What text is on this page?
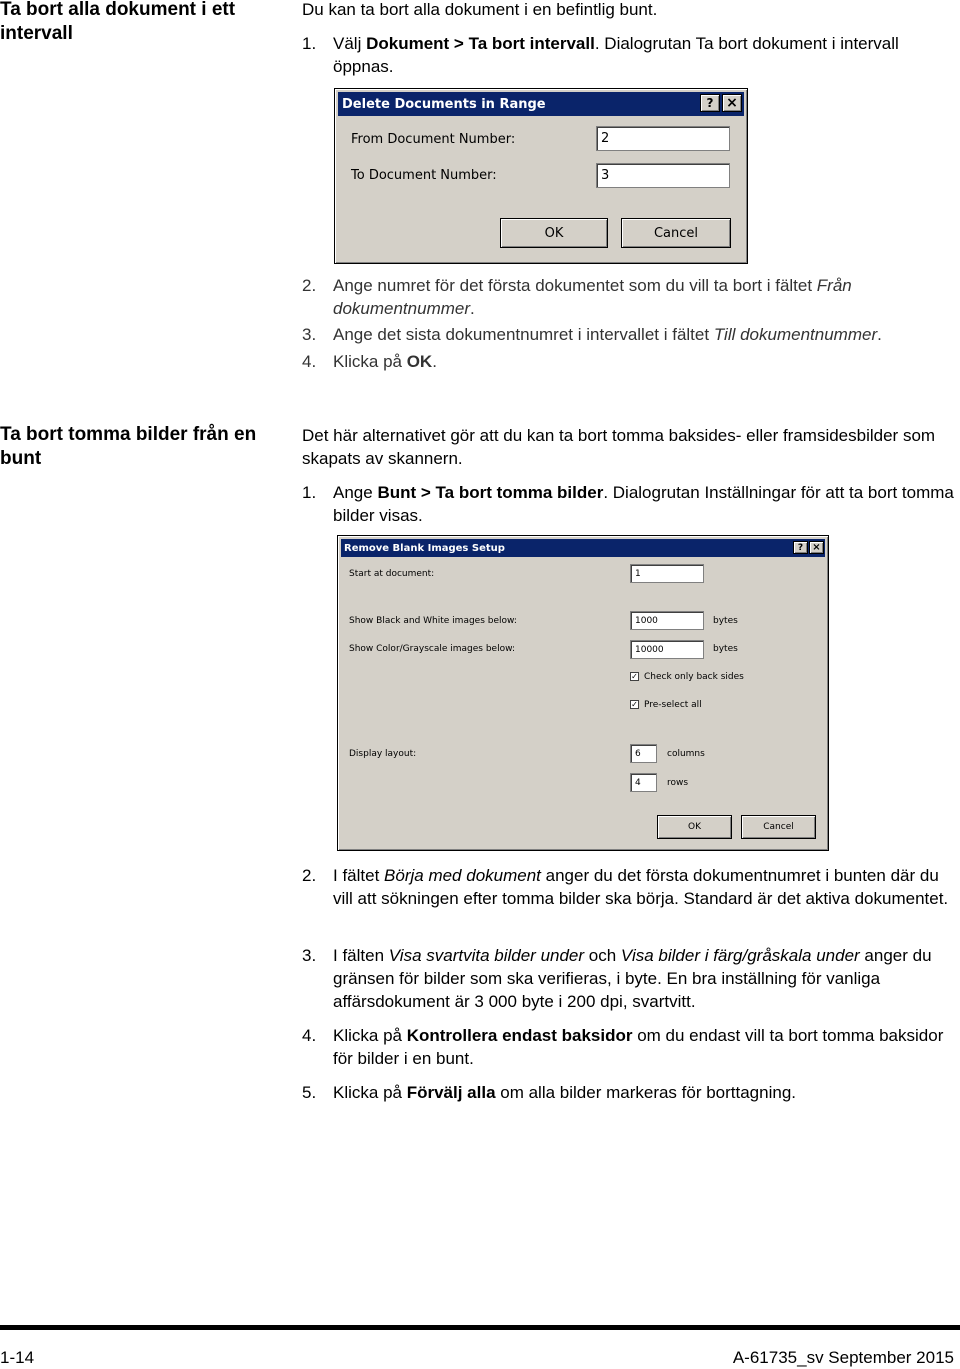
Ta bort alla dokument i ett intervall
Du kan ta bort alla dokument i en befintlig bunt.
1. Välj Dokument > Ta bort intervall. Dialogrutan Ta bort dokument i intervall öppnas.
Delete Documents in Range	? ×
From Document Number:	2
To Document Number:	3
OK	Cancel
2. Ange numret för det första dokumentet som du vill ta bort i fältet Från dokumentnummer.
3. Ange det sista dokumentnumret i intervallet i fältet Till dokumentnummer.
4. Klicka på OK.
Ta bort tomma bilder från en bunt
Det här alternativet gör att du kan ta bort tomma baksides- eller framsidesbilder som skapats av skannern.
1. Ange Bunt > Ta bort tomma bilder. Dialogrutan Inställningar för att ta bort tomma bilder visas.
Remove Blank Images Setup	? ×
Start at document:	1
Show Black and White images below:	1000	bytes
Show Color/Grayscale images below:	10000	bytes
✓ Check only back sides
✓ Pre-select all
Display layout:	6	columns
4	rows
OK	Cancel
2. I fältet Börja med dokument anger du det första dokumentnumret i bunten där du vill att sökningen efter tomma bilder ska börja. Standard är det aktiva dokumentet.
3. I fälten Visa svartvita bilder under och Visa bilder i färg/gråskala under anger du gränsen för bilder som ska verifieras, i byte. En bra inställning för vanliga affärsdokument är 3 000 byte i 200 dpi, svartvitt.
4. Klicka på Kontrollera endast baksidor om du endast vill ta bort tomma baksidor för bilder i en bunt.
5. Klicka på Förvälj alla om alla bilder markeras för borttagning.
1-14	A-61735_sv September 2015
